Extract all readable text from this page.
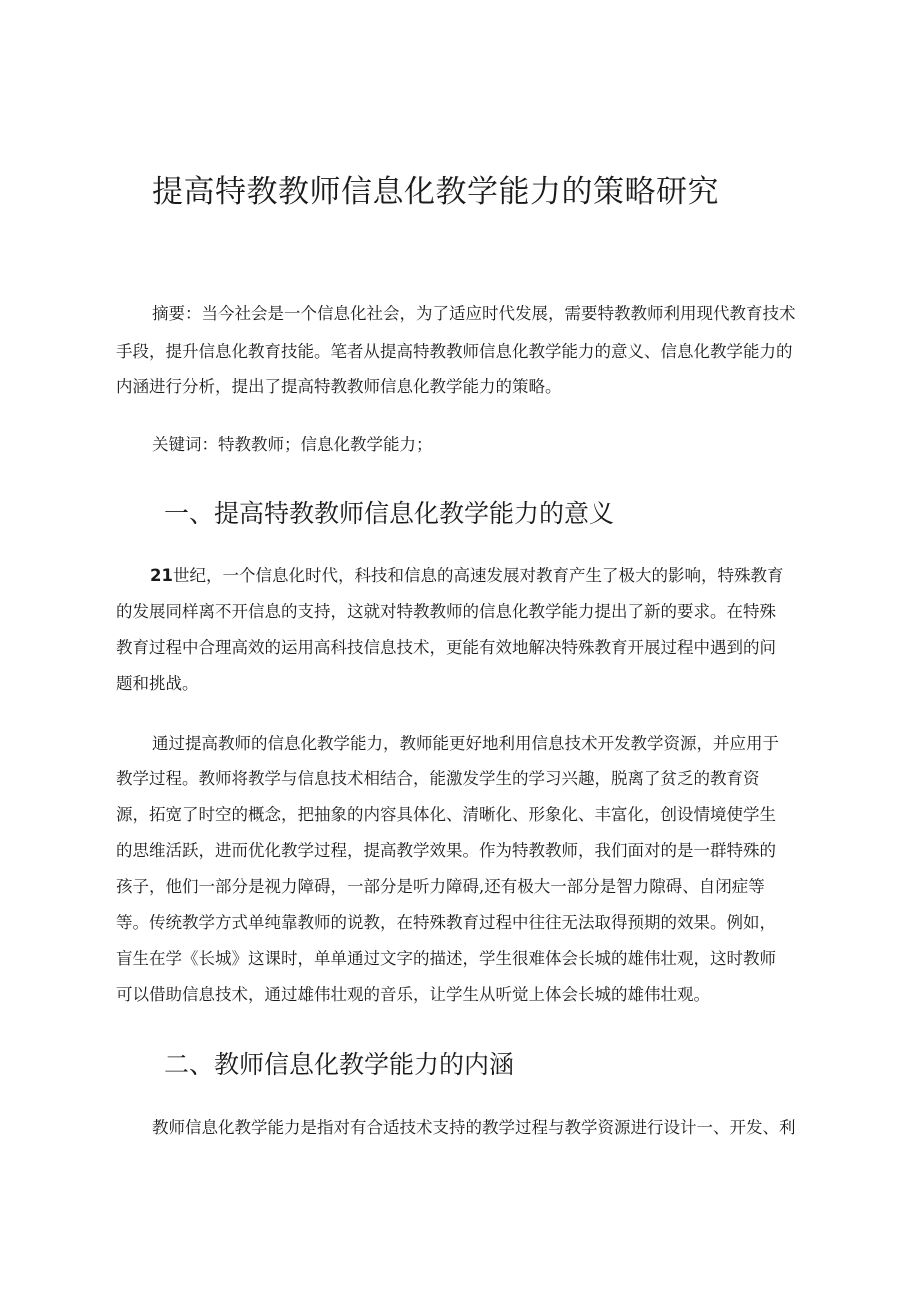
提高特教教师信息化教学能力的策略研究

摘要：当今社会是一个信息化社会，为了适应时代发展，需要特教教师利用现代教育技术

手段，提升信息化教育技能。笔者从提高特教教师信息化教学能力的意义、信息化教学能力的

内涵进行分析，提出了提高特教教师信息化教学能力的策略。

关键词：特教教师；信息化教学能力；

一、提高特教教师信息化教学能力的意义

21世纪，一个信息化时代，科技和信息的高速发展对教育产生了极大的影响，特殊教育

的发展同样离不开信息的支持，这就对特教教师的信息化教学能力提出了新的要求。在特殊

教育过程中合理高效的运用高科技信息技术，更能有效地解决特殊教育开展过程中遇到的问

题和挑战。

通过提高教师的信息化教学能力，教师能更好地利用信息技术开发教学资源，并应用于

教学过程。教师将教学与信息技术相结合，能激发学生的学习兴趣，脱离了贫乏的教育资

源，拓宽了时空的概念，把抽象的内容具体化、清晰化、形象化、丰富化，创设情境使学生

的思维活跃，进而优化教学过程，提高教学效果。作为特教教师，我们面对的是一群特殊的

孩子，他们一部分是视力障碍，一部分是听力障碍,还有极大一部分是智力隙碍、自闭症等

等。传统教学方式单纯靠教师的说教，在特殊教育过程中往往无法取得预期的效果。例如，

盲生在学《长城》这课时，单单通过文字的描述，学生很难体会长城的雄伟壮观，这时教师

可以借助信息技术，通过雄伟壮观的音乐，让学生从听觉上体会长城的雄伟壮观。

二、教师信息化教学能力的内涵

教师信息化教学能力是指对有合适技术支持的教学过程与教学资源进行设计一、开发、利
